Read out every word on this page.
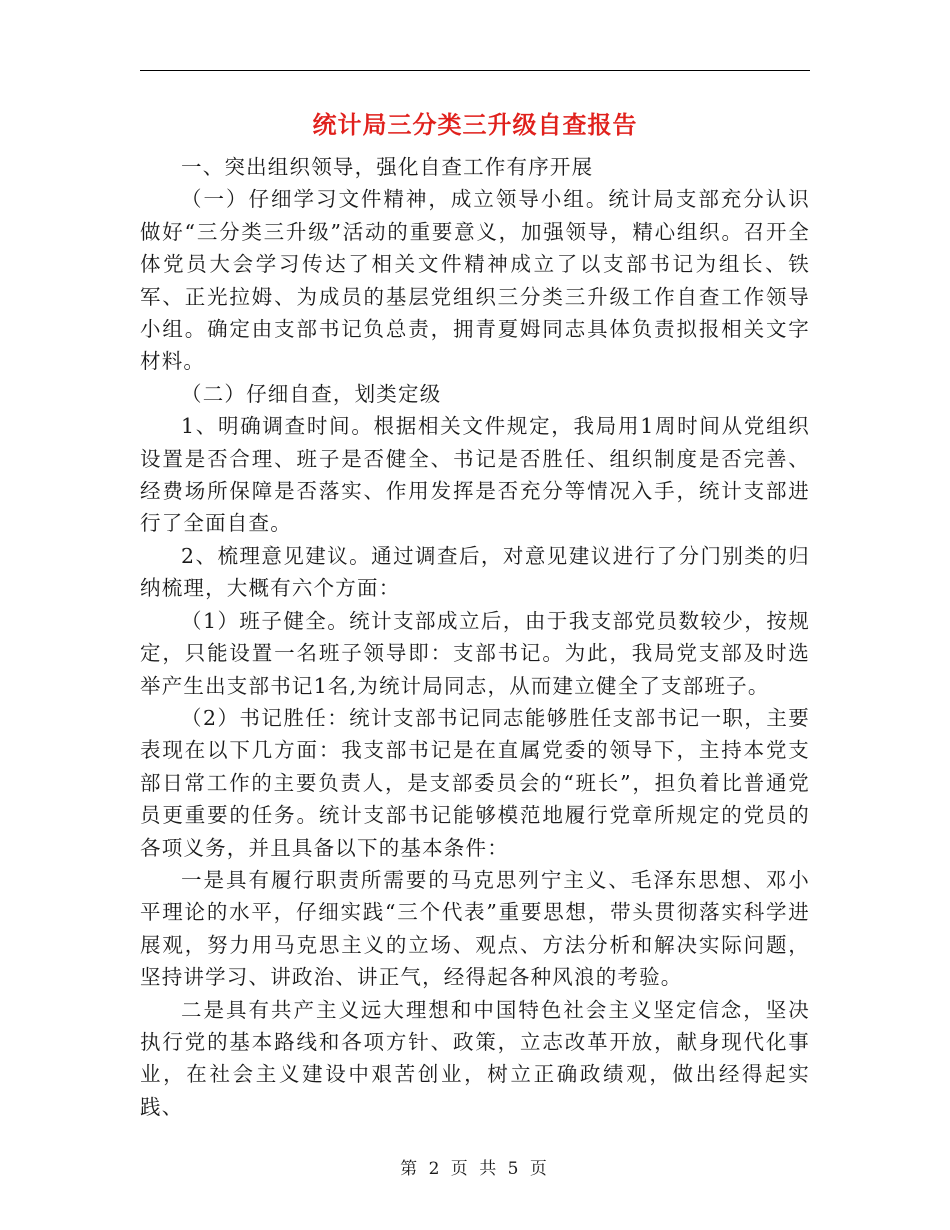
统计局三分类三升级自查报告

一、突出组织领导，强化自查工作有序开展

（一）仔细学习文件精神，成立领导小组。统计局支部充分认识做好“三分类三升级”活动的重要意义，加强领导，精心组织。召开全体党员大会学习传达了相关文件精神成立了以支部书记为组长、铁军、正光拉姆、为成员的基层党组织三分类三升级工作自查工作领导小组。确定由支部书记负总责，拥青夏姆同志具体负责拟报相关文字材料。

（二）仔细自查，划类定级

1、明确调查时间。根据相关文件规定，我局用1周时间从党组织设置是否合理、班子是否健全、书记是否胜任、组织制度是否完善、经费场所保障是否落实、作用发挥是否充分等情况入手，统计支部进行了全面自查。

2、梳理意见建议。通过调查后，对意见建议进行了分门别类的归纳梳理，大概有六个方面：

（1）班子健全。统计支部成立后，由于我支部党员数较少，按规定，只能设置一名班子领导即：支部书记。为此，我局党支部及时选举产生出支部书记1名,为统计局同志，从而建立健全了支部班子。

（2）书记胜任：统计支部书记同志能够胜任支部书记一职，主要表现在以下几方面：我支部书记是在直属党委的领导下，主持本党支部日常工作的主要负责人，是支部委员会的“班长”，担负着比普通党员更重要的任务。统计支部书记能够模范地履行党章所规定的党员的各项义务，并且具备以下的基本条件：

一是具有履行职责所需要的马克思列宁主义、毛泽东思想、邓小平理论的水平，仔细实践“三个代表”重要思想，带头贯彻落实科学进展观，努力用马克思主义的立场、观点、方法分析和解决实际问题，坚持讲学习、讲政治、讲正气，经得起各种风浪的考验。

二是具有共产主义远大理想和中国特色社会主义坚定信念，坚决执行党的基本路线和各项方针、政策，立志改革开放，献身现代化事业，在社会主义建设中艰苦创业，树立正确政绩观，做出经得起实践、

第 2 页 共 5 页
